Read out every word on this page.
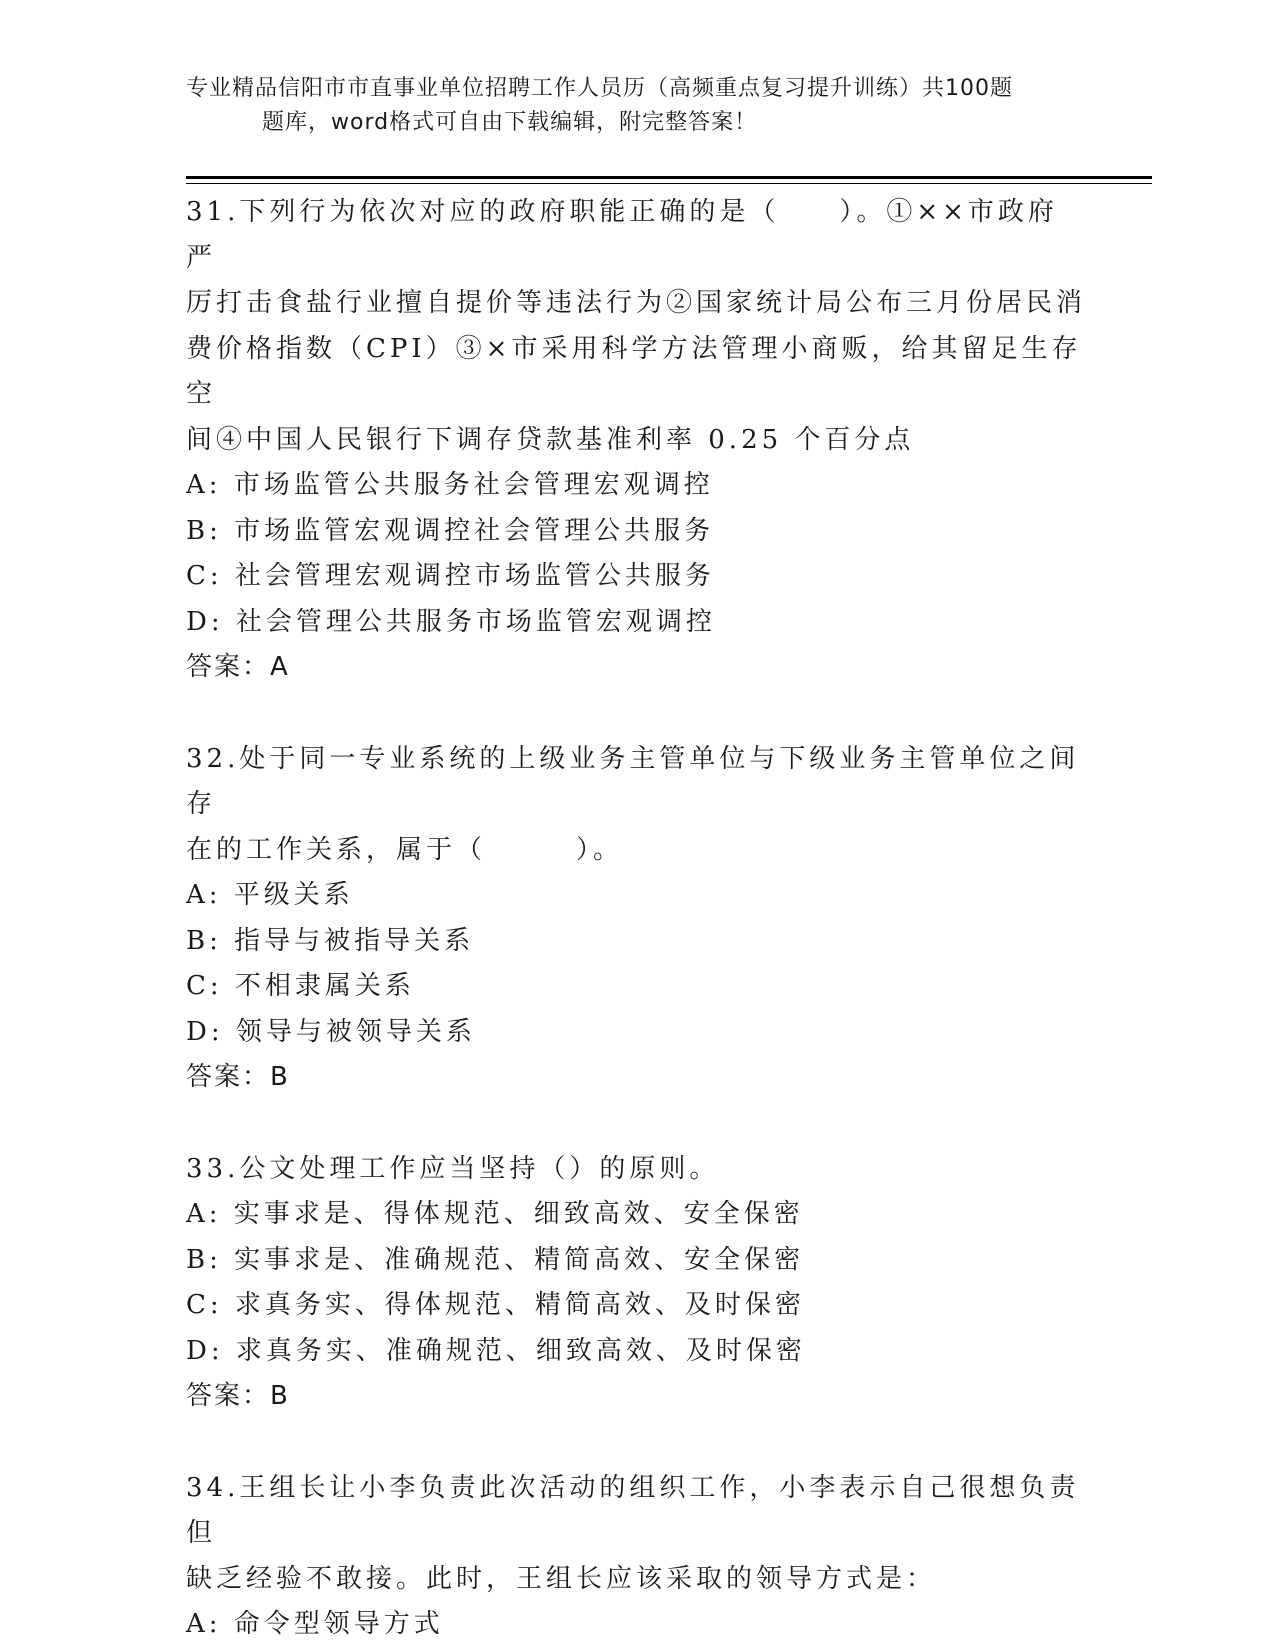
专业精品信阳市市直事业单位招聘工作人员历（高频重点复习提升训练）共100题
题库，word格式可自由下载编辑，附完整答案！

31.下列行为依次对应的政府职能正确的是（　　）。①××市政府严
厉打击食盐行业擅自提价等违法行为②国家统计局公布三月份居民消
费价格指数（CPI）③×市采用科学方法管理小商贩，给其留足生存空
间④中国人民银行下调存贷款基准利率 0.25 个百分点

A: 市场监管公共服务社会管理宏观调控

B: 市场监管宏观调控社会管理公共服务

C: 社会管理宏观调控市场监管公共服务

D: 社会管理公共服务市场监管宏观调控

答案：A

32.处于同一专业系统的上级业务主管单位与下级业务主管单位之间存
在的工作关系，属于（　　　）。

A: 平级关系

B: 指导与被指导关系

C: 不相隶属关系

D: 领导与被领导关系

答案：B

33.公文处理工作应当坚持（）的原则。

A: 实事求是、得体规范、细致高效、安全保密

B: 实事求是、准确规范、精简高效、安全保密

C: 求真务实、得体规范、精简高效、及时保密

D: 求真务实、准确规范、细致高效、及时保密

答案：B

34.王组长让小李负责此次活动的组织工作，小李表示自己很想负责但
缺乏经验不敢接。此时，王组长应该采取的领导方式是：

A: 命令型领导方式
